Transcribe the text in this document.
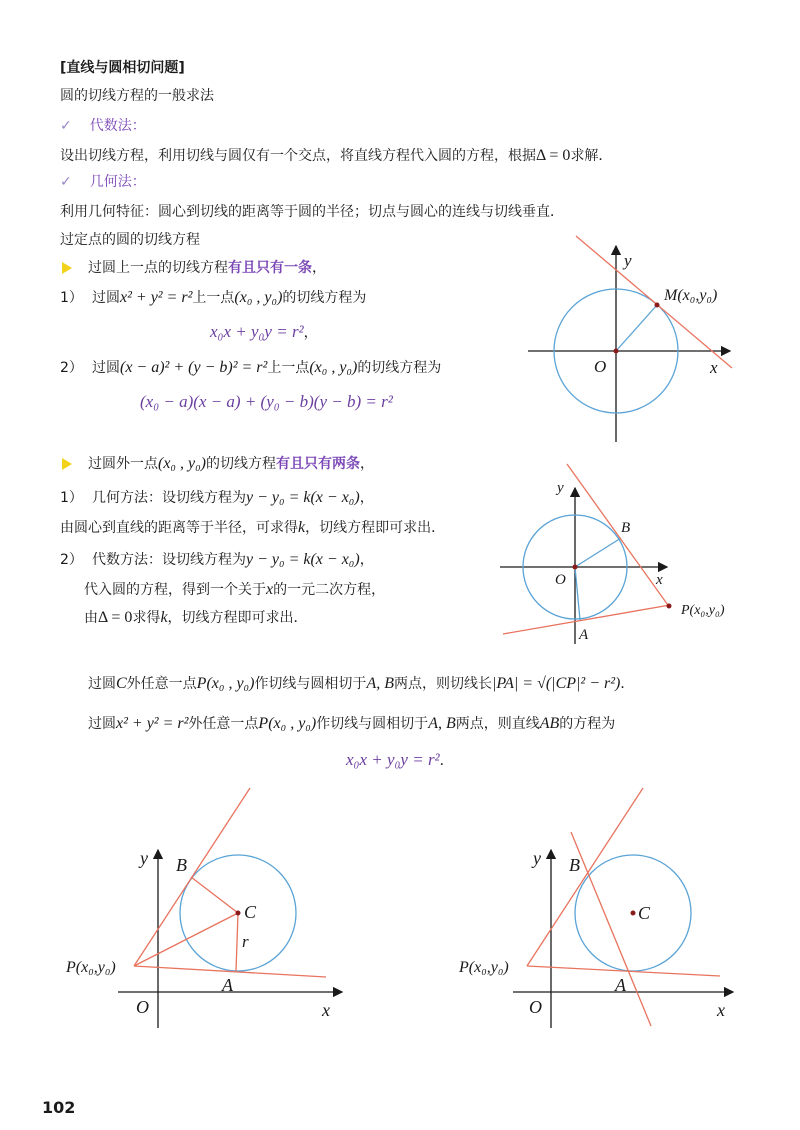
[直线与圆相切问题]
圆的切线方程的一般求法
✓ 代数法：
设出切线方程，利用切线与圆仅有一个交点，将直线方程代入圆的方程，根据Δ = 0求解．
✓ 几何法：
利用几何特征：圆心到切线的距离等于圆的半径；切点与圆心的连线与切线垂直．
过定点的圆的切线方程
过圆上一点的切线方程有且只有一条，
1） 过圆x² + y² = r²上一点(x₀ , y₀)的切线方程为
x₀x + y₀y = r²，
2） 过圆(x − a)² + (y − b)² = r²上一点(x₀ , y₀)的切线方程为
(x₀ − a)(x − a) + (y₀ − b)(y − b) = r²
过圆外一点(x₀ , y₀)的切线方程有且只有两条，
1） 几何方法：设切线方程为y − y₀ = k(x − x₀)，
由圆心到直线的距离等于半径，可求得k，切线方程即可求出．
2） 代数方法：设切线方程为y − y₀ = k(x − x₀)，
代入圆的方程，得到一个关于x的一元二次方程，
由Δ = 0求得k，切线方程即可求出．
过圆C外任意一点P(x₀ , y₀)作切线与圆相切于A, B两点，则切线长|PA| = √(|CP|² − r²)．
过圆x² + y² = r²外任意一点P(x₀ , y₀)作切线与圆相切于A, B两点，则直线AB的方程为
x₀x + y₀y = r²．
y
x
O
M(x₀,y₀)
y
x
O
B
A
P(x₀,y₀)
y
x
O
B
A
C
r
P(x₀,y₀)
y
x
O
B
A
C
P(x₀,y₀)
102
